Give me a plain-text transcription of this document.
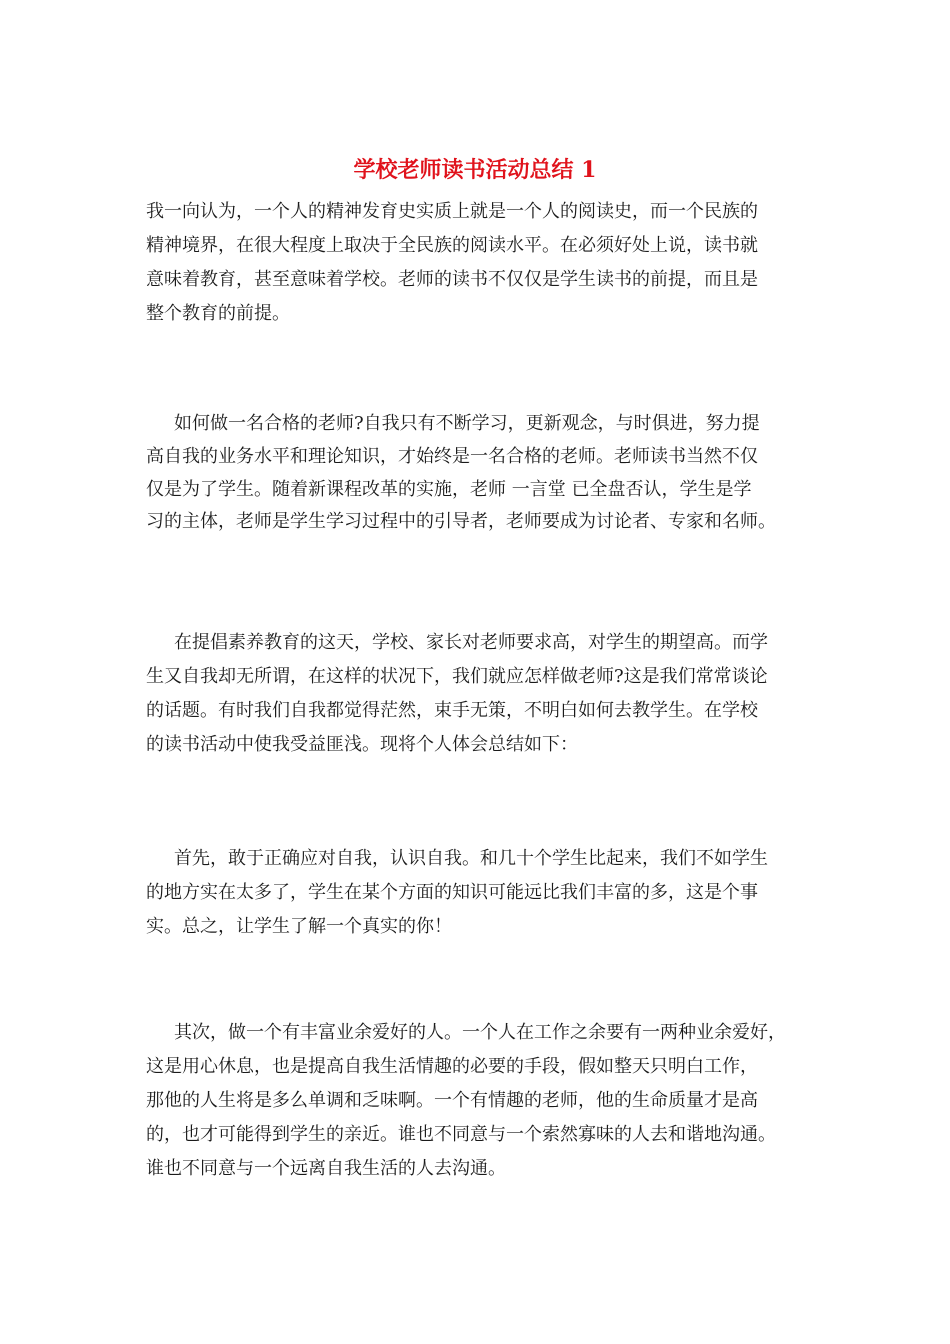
学校老师读书活动总结 1
我一向认为，一个人的精神发育史实质上就是一个人的阅读史，而一个民族的
精神境界，在很大程度上取决于全民族的阅读水平。在必须好处上说，读书就
意味着教育，甚至意味着学校。老师的读书不仅仅是学生读书的前提，而且是
整个教育的前提。
如何做一名合格的老师?自我只有不断学习，更新观念，与时俱进，努力提
高自我的业务水平和理论知识，才始终是一名合格的老师。老师读书当然不仅
仅是为了学生。随着新课程改革的实施，老师 一言堂 已全盘否认，学生是学
习的主体，老师是学生学习过程中的引导者，老师要成为讨论者、专家和名师。
在提倡素养教育的这天，学校、家长对老师要求高，对学生的期望高。而学
生又自我却无所谓，在这样的状况下，我们就应怎样做老师?这是我们常常谈论
的话题。有时我们自我都觉得茫然，束手无策，不明白如何去教学生。在学校
的读书活动中使我受益匪浅。现将个人体会总结如下：
首先，敢于正确应对自我，认识自我。和几十个学生比起来，我们不如学生
的地方实在太多了，学生在某个方面的知识可能远比我们丰富的多，这是个事
实。总之，让学生了解一个真实的你！
其次，做一个有丰富业余爱好的人。一个人在工作之余要有一两种业余爱好，
这是用心休息，也是提高自我生活情趣的必要的手段，假如整天只明白工作，
那他的人生将是多么单调和乏味啊。一个有情趣的老师，他的生命质量才是高
的，也才可能得到学生的亲近。谁也不同意与一个索然寡味的人去和谐地沟通。
谁也不同意与一个远离自我生活的人去沟通。
